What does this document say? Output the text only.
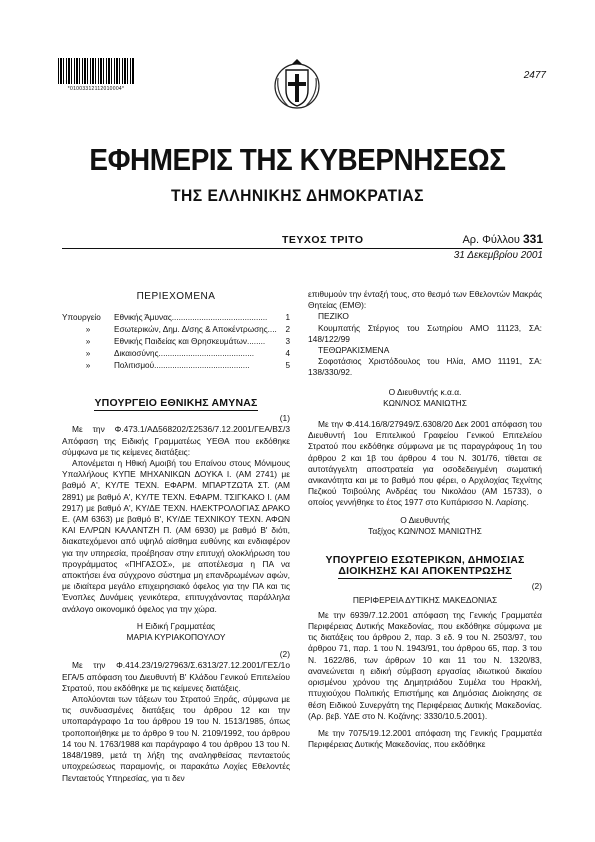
*01003312112010004*
2477
ΕΦΗΜΕΡΙΣ ΤΗΣ ΚΥΒΕΡΝΗΣΕΩΣ
ΤΗΣ ΕΛΛΗΝΙΚΗΣ ΔΗΜΟΚΡΑΤΙΑΣ
ΤΕΥΧΟΣ ΤΡΙΤΟ	Αρ. Φύλλου 331
31 Δεκεμβρίου 2001
ΠΕΡΙΕΧΟΜΕΝΑ
Υπουργείο	Εθνικής Άμυνας ..........................................	1
»	Εσωτερικών, Δημ. Δ/σης & Αποκέντρωσης ....	2
»	Εθνικής Παιδείας και Θρησκευμάτων ........	3
»	Δικαιοσύνης ..........................................	4
»	Πολιτισμού ..........................................	5
ΥΠΟΥΡΓΕΙΟ ΕΘΝΙΚΗΣ ΑΜΥΝΑΣ
(1)
Με την Φ.473.1/ΑΔ568202/Σ2536/7.12.2001/ΓΕΑ/ΒΣ/3 Απόφαση της Ειδικής Γραμματέως ΥΕΘΑ που εκδόθηκε σύμφωνα με τις κείμενες διατάξεις:
Απονέμεται η Ηθική Αμοιβή του Επαίνου στους Μόνιμους Υπαλλήλους ΚΥΠΕ ΜΗΧΑΝΙΚΩΝ ΔΟΥΚΑ Ι. (ΑΜ 2741) με βαθμό Α', ΚΥ/ΤΕ ΤΕΧΝ. ΕΦΑΡΜ. ΜΠΑΡΤΖΩΤΑ ΣΤ. (ΑΜ 2891) με βαθμό Α', ΚΥ/ΤΕ ΤΕΧΝ. ΕΦΑΡΜ. ΤΣΙΓΚΑΚΟ Ι. (ΑΜ 2917) με βαθμό Α', ΚΥ/ΔΕ ΤΕΧΝ. ΗΛΕΚΤΡΟΛΟΓΙΑΣ ΔΡΑΚΟ Ε. (ΑΜ 6363) με βαθμό Β', ΚΥ/ΔΕ ΤΕΧΝΙΚΟΥ ΤΕΧΝ. ΑΦΩΝ ΚΑΙ ΕΛ/ΡΩΝ ΚΑΛΑΝΤΖΗ Π. (ΑΜ 6930) με βαθμό Β' διότι, διακατεχόμενοι από υψηλό αίσθημα ευθύνης και ενδιαφέρον για την υπηρεσία, προέβησαν στην επιτυχή ολοκλήρωση του προγράμματος «ΠΗΓΑΣΟΣ», με αποτέλεσμα η ΠΑ να αποκτήσει ένα σύγχρονο σύστημα μη επανδρωμένων αφών, με ιδιαίτερα μεγάλο επιχειρησιακό όφελος για την ΠΑ και τις Ένοπλες Δυνάμεις γενικότερα, επιτυγχάνοντας παράλληλα ανάλογο οικονομικό όφελος για την χώρα.
Η Ειδική Γραμματέας
ΜΑΡΙΑ ΚΥΡΙΑΚΟΠΟΥΛΟΥ
(2)
Με την Φ.414.23/19/27963/Σ.6313/27.12.2001/ΓΕΣ/1ο ΕΓΑ/5 απόφαση του Διευθυντή Β' Κλάδου Γενικού Επιτελείου Στρατού, που εκδόθηκε με τις κείμενες διατάξεις.
Απολύονται των τάξεων του Στρατού Ξηράς, σύμφωνα με τις συνδυασμένες διατάξεις του άρθρου 12 και την υποπαράγραφο 1α του άρθρου 19 του Ν. 1513/1985, όπως τροποποιήθηκε με το άρθρο 9 του Ν. 2109/1992, του άρθρου 14 του Ν. 1763/1988 και παράγραφο 4 του άρθρου 13 του Ν. 1848/1989, μετά τη λήξη της αναληφθείσας πενταετούς υποχρεώσεως παραμονής, οι παρακάτω Λοχίες Εθελοντές Πενταετούς Υπηρεσίας, για τι δεν
επιθυμούν την ένταξή τους, στο θεσμό των Εθελοντών Μακράς Θητείας (ΕΜΘ):
ΠΕΖΙΚΟ
Κουμπατής Στέργιος του Σωτηρίου ΑΜΟ 11123, ΣΑ: 148/122/99
ΤΕΘΩΡΑΚΙΣΜΕΝΑ
Σοφοτάσιος Χριστόδουλος του Ηλία, ΑΜΟ 11191, ΣΑ: 138/330/92.
Ο Διευθυντής κ.α.α.
ΚΩΝ/ΝΟΣ ΜΑΝΙΩΤΗΣ
Με την Φ.414.16/8/27949/Σ.6308/20 Δεκ 2001 απόφαση του Διευθυντή 1ου Επιτελικού Γραφείου Γενικού Επιτελείου Στρατού που εκδόθηκε σύμφωνα με τις παραγράφους 1η του άρθρου 2 και 1β του άρθρου 4 του Ν. 301/76, τίθεται σε αυτοτάγγελτη αποστρατεία για οσοδεδειγμένη σωματική ανικανότητα και με το βαθμό που φέρει, ο Αρχιλοχίας Τεχνίτης Πεζικού Τσιβούλης Ανδρέας του Νικολάου (ΑΜ 15733), ο οποίος γεννήθηκε το έτος 1977 στο Κυπάρισσο Ν. Λαρίσης.
Ο Διευθυντής
Ταξίχος ΚΩΝ/ΝΟΣ ΜΑΝΙΩΤΗΣ
ΥΠΟΥΡΓΕΙΟ ΕΣΩΤΕΡΙΚΩΝ, ΔΗΜΟΣΙΑΣ
ΔΙΟΙΚΗΣΗΣ ΚΑΙ ΑΠΟΚΕΝΤΡΩΣΗΣ
(2)
ΠΕΡΙΦΕΡΕΙΑ ΔΥΤΙΚΗΣ ΜΑΚΕΔΟΝΙΑΣ
Με την 6939/7.12.2001 απόφαση της Γενικής Γραμματέα Περιφέρειας Δυτικής Μακεδονίας, που εκδόθηκε σύμφωνα με τις διατάξεις του άρθρου 2, παρ. 3 εδ. 9 του Ν. 2503/97, του άρθρου 71, παρ. 1 του Ν. 1943/91, του άρθρου 65, παρ. 3 του Ν. 1622/86, των άρθρων 10 και 11 του Ν. 1320/83, ανανεώνεται η ειδική σύμβαση εργασίας ιδιωτικού δικαίου ορισμένου χρόνου της Δημητριάδου Συμέλα του Ηρακλή, πτυχιούχου Πολιτικής Επιστήμης και Δημόσιας Διοίκησης σε θέση Ειδικού Συνεργάτη της Περιφέρειας Δυτικής Μακεδονίας. (Αρ. βεβ. ΥΔΕ στο Ν. Κοζάνης: 3330/10.5.2001).
Με την 7075/19.12.2001 απόφαση της Γενικής Γραμματέα Περιφέρειας Δυτικής Μακεδονίας, που εκδόθηκε
